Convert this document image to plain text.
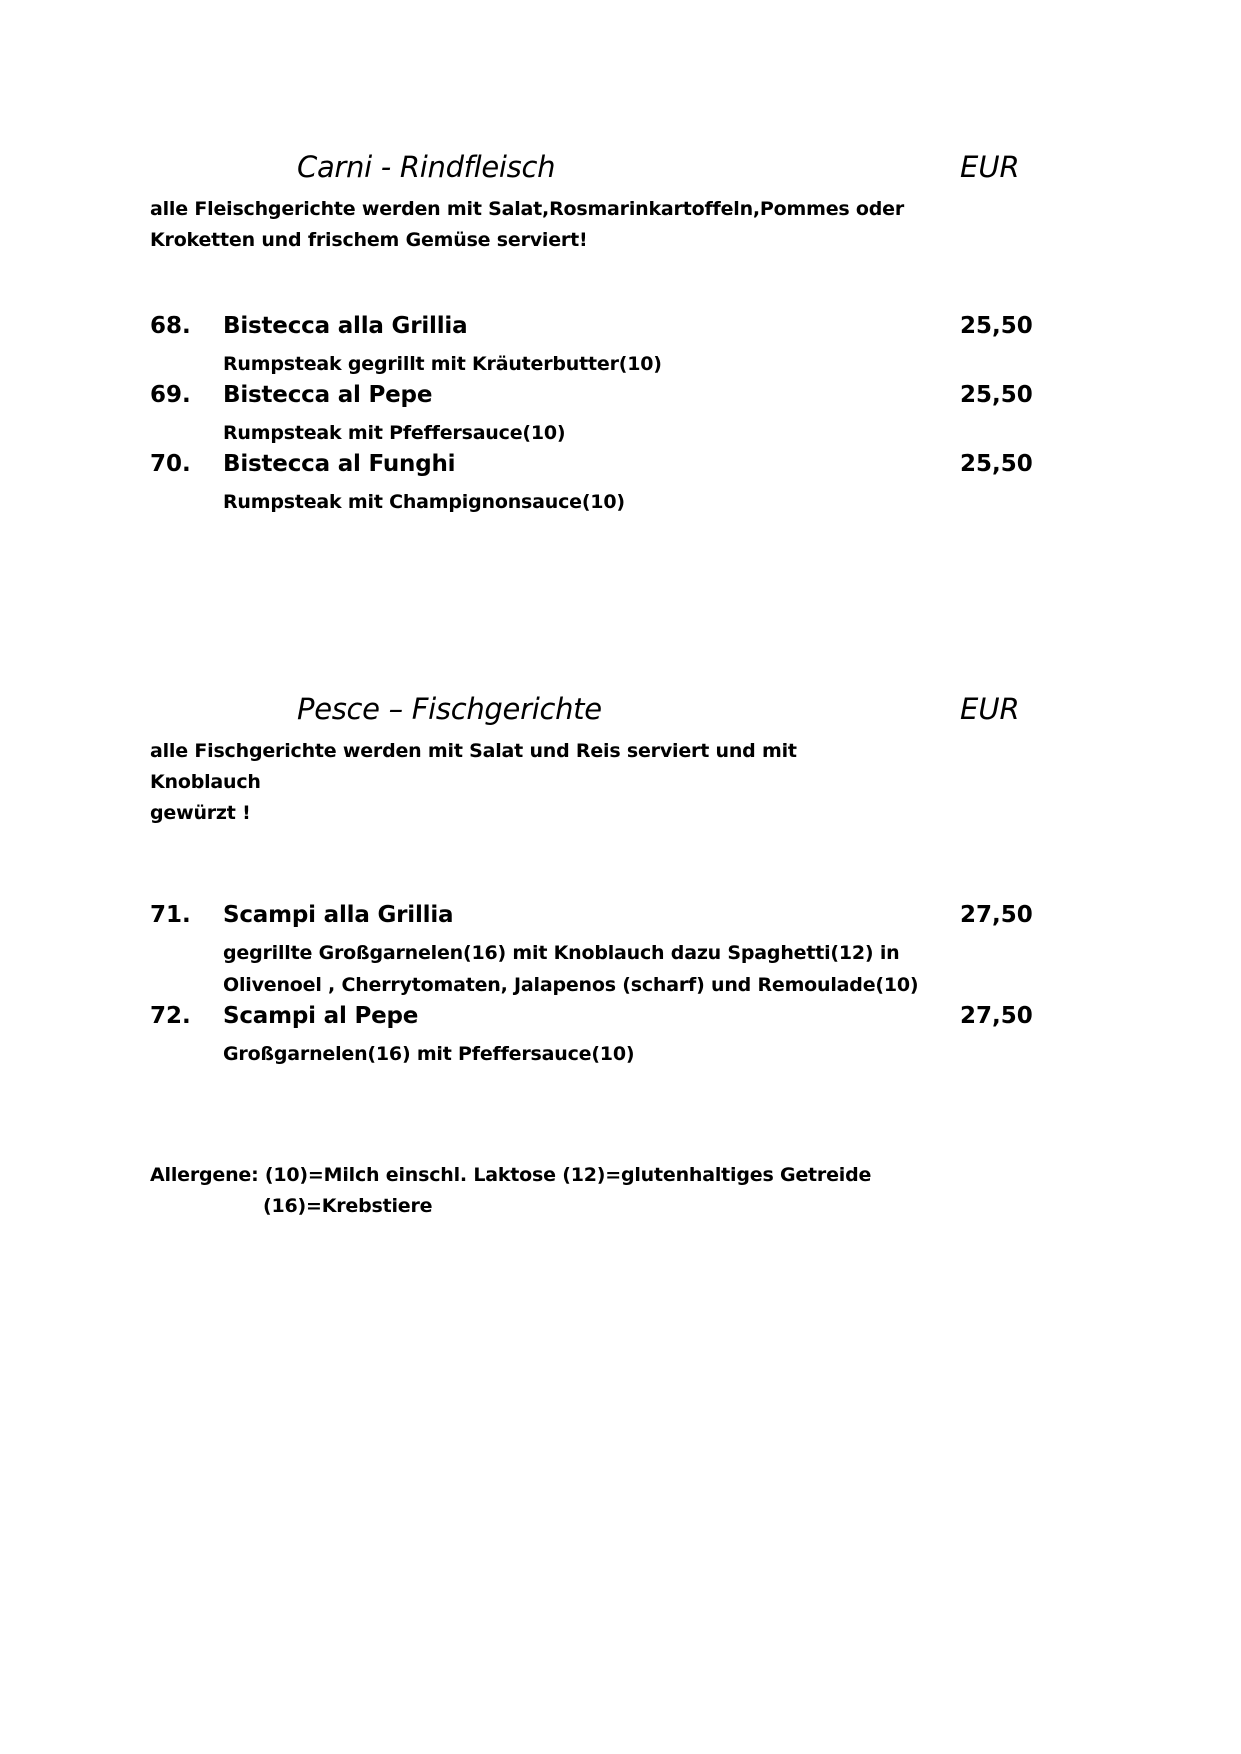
Carni - Rindfleisch	EUR
alle Fleischgerichte werden mit Salat,Rosmarinkartoffeln,Pommes oder
Kroketten und frischem Gemüse serviert!
68. Bistecca alla Grillia	25,50
Rumpsteak gegrillt mit Kräuterbutter(10)
69. Bistecca al Pepe	25,50
Rumpsteak mit Pfeffersauce(10)
70. Bistecca al Funghi	25,50
Rumpsteak mit Champignonsauce(10)
Pesce – Fischgerichte	EUR
alle Fischgerichte werden mit Salat und Reis serviert und mit Knoblauch
gewürzt !
71. Scampi alla Grillia	27,50
gegrillte Großgarnelen(16) mit Knoblauch dazu Spaghetti(12) in
Olivenoel , Cherrytomaten, Jalapenos (scharf) und Remoulade(10)
72. Scampi al Pepe	27,50
Großgarnelen(16) mit Pfeffersauce(10)
Allergene: (10)=Milch einschl. Laktose (12)=glutenhaltiges Getreide
(16)=Krebstiere
